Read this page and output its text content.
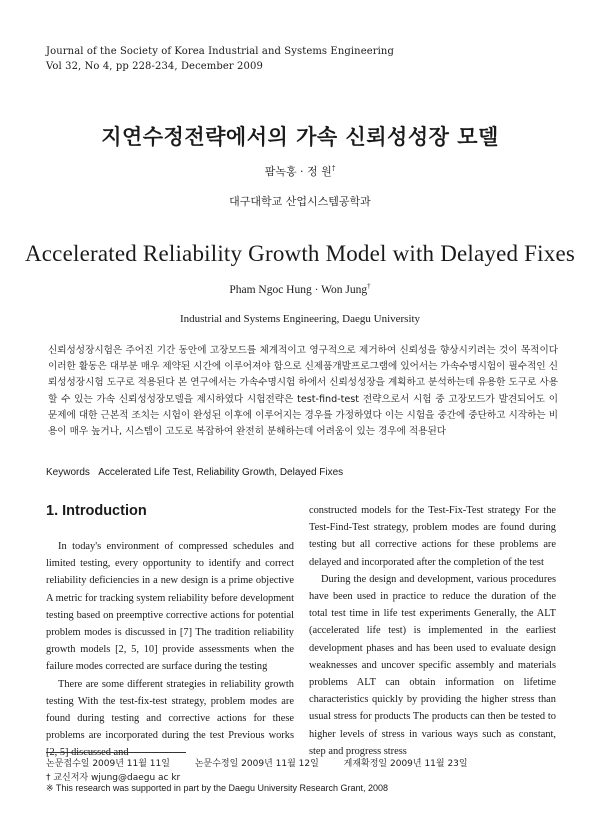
Journal of the Society of Korea Industrial and Systems Engineering
Vol 32, No 4, pp 228-234, December 2009
지연수정전략에서의 가속 신뢰성성장 모델
팜녹홍 · 정 원†
대구대학교 산업시스템공학과
Accelerated Reliability Growth Model with Delayed Fixes
Pham Ngoc Hung · Won Jung†
Industrial and Systems Engineering, Daegu University
신뢰성성장시험은 주어진 기간 동안에 고장모드를 체계적이고 영구적으로 제거하여 신뢰성을 향상시키려는 것이 목적이다 이러한 활동은 대부분 매우 제약된 시간에 이루어져야 함으로 신제품개발프로그램에 있어서는 가속수명시험이 필수적인 신뢰성성장시험 도구로 적용된다 본 연구에서는 가속수명시험 하에서 신뢰성성장을 계획하고 분석하는데 유용한 도구로 사용할 수 있는 가속 신뢰성성장모델을 제시하였다 시험전략은 test-find-test 전략으로서 시험 중 고장모드가 발견되어도 이 문제에 대한 근본적 조치는 시험이 완성된 이후에 이루어지는 경우를 가정하였다 이는 시험을 중간에 중단하고 시작하는 비용이 매우 높거나, 시스템이 고도로 복잡하여 완전히 분해하는데 어려움이 있는 경우에 적용된다
Keywords Accelerated Life Test, Reliability Growth, Delayed Fixes
1. Introduction

In today's environment of compressed schedules and limited testing, every opportunity to identify and correct reliability deficiencies in a new design is a prime objective A metric for tracking system reliability before development testing based on preemptive corrective actions for potential problem modes is discussed in [7] The tradition reliability growth models [2, 5, 10] provide assessments when the failure modes corrected are surface during the testing

There are some different strategies in reliability growth testing With the test-fix-test strategy, problem modes are found during testing and corrective actions for these problems are incorporated during the test Previous works [2, 5] discussed and

constructed models for the Test-Fix-Test strategy For the Test-Find-Test strategy, problem modes are found during testing but all corrective actions for these problems are delayed and incorporated after the completion of the test

During the design and development, various procedures have been used in practice to reduce the duration of the total test time in life test experiments Generally, the ALT (accelerated life test) is implemented in the earliest development phases and has been used to evaluate design weaknesses and uncover specific assembly and materials problems ALT can obtain information on lifetime characteristics quickly by providing the higher stress than usual stress for products The products can then be tested to higher levels of stress in various ways such as constant, step and progress stress

논문접수일 2009년 11월 11일	논문수정일 2009년 11월 12일	게재확정일 2009년 11월 23일
† 교신저자 wjung@daegu ac kr
※ This research was supported in part by the Daegu University Research Grant, 2008
